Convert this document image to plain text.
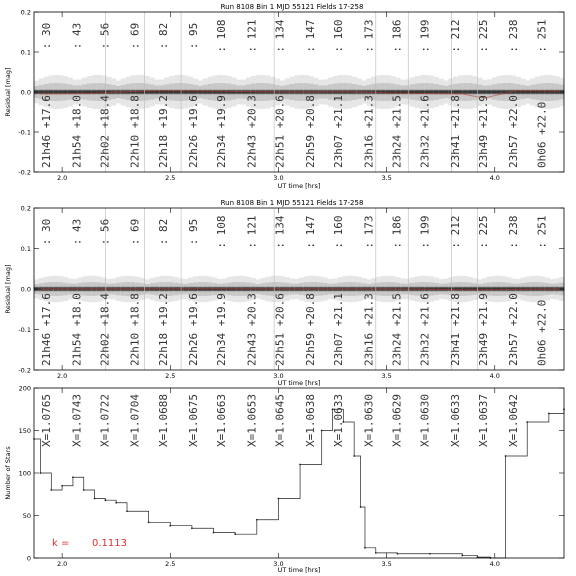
Run 8108 Bin 1 MJD 55121 Fields 17-258
: 30 : 43 : 56 : 69 : 82 : 95 : 108 : 121 : 134 : 147 : 160 : 173 : 186 : 199 : 212 : 225 : 238 : 251
21h46 +17.6 21h54 +18.0 22h02 +18.4 22h10 +18.8 22h18 +19.2 22h26 +19.6 22h34 +19.9 22h43 +20.3 22h51 +20.6 22h59 +20.8 23h07 +21.1 23h16 +21.3 23h24 +21.5 23h32 +21.6 23h41 +21.8 23h49 +21.9 23h57 +22.0 0h06 +22.0
2.0	2.5	3.0	3.5	4.0
-0.2
-0.1
0.0
0.1
0.2
UT time [hrs]
Residual [mag]
Run 8108 Bin 1 MJD 55121 Fields 17-258
: 30 : 43 : 56 : 69 : 82 : 95 : 108 : 121 : 134 : 147 : 160 : 173 : 186 : 199 : 212 : 225 : 238 : 251
21h46 +17.6 21h54 +18.0 22h02 +18.4 22h10 +18.8 22h18 +19.2 22h26 +19.6 22h34 +19.9 22h43 +20.3 22h51 +20.6 22h59 +20.8 23h07 +21.1 23h16 +21.3 23h24 +21.5 23h32 +21.6 23h41 +21.8 23h49 +21.9 23h57 +22.0 0h06 +22.0
2.0	2.5	3.0	3.5	4.0
-0.2
-0.1
0.0
0.1
0.2
UT time [hrs]
Residual [mag]
X=1.0765 X=1.0743 X=1.0722 X=1.0704 X=1.0688 X=1.0675 X=1.0663 X=1.0653 X=1.0645 X=1.0638 X=1.0633 X=1.0630 X=1.0629 X=1.0630 X=1.0633 X=1.0637 X=1.0642
2.0	2.5	3.0	3.5	4.0
0
50
100
150
200
UT time [hrs]
Number of Stars
k = 0.1113
